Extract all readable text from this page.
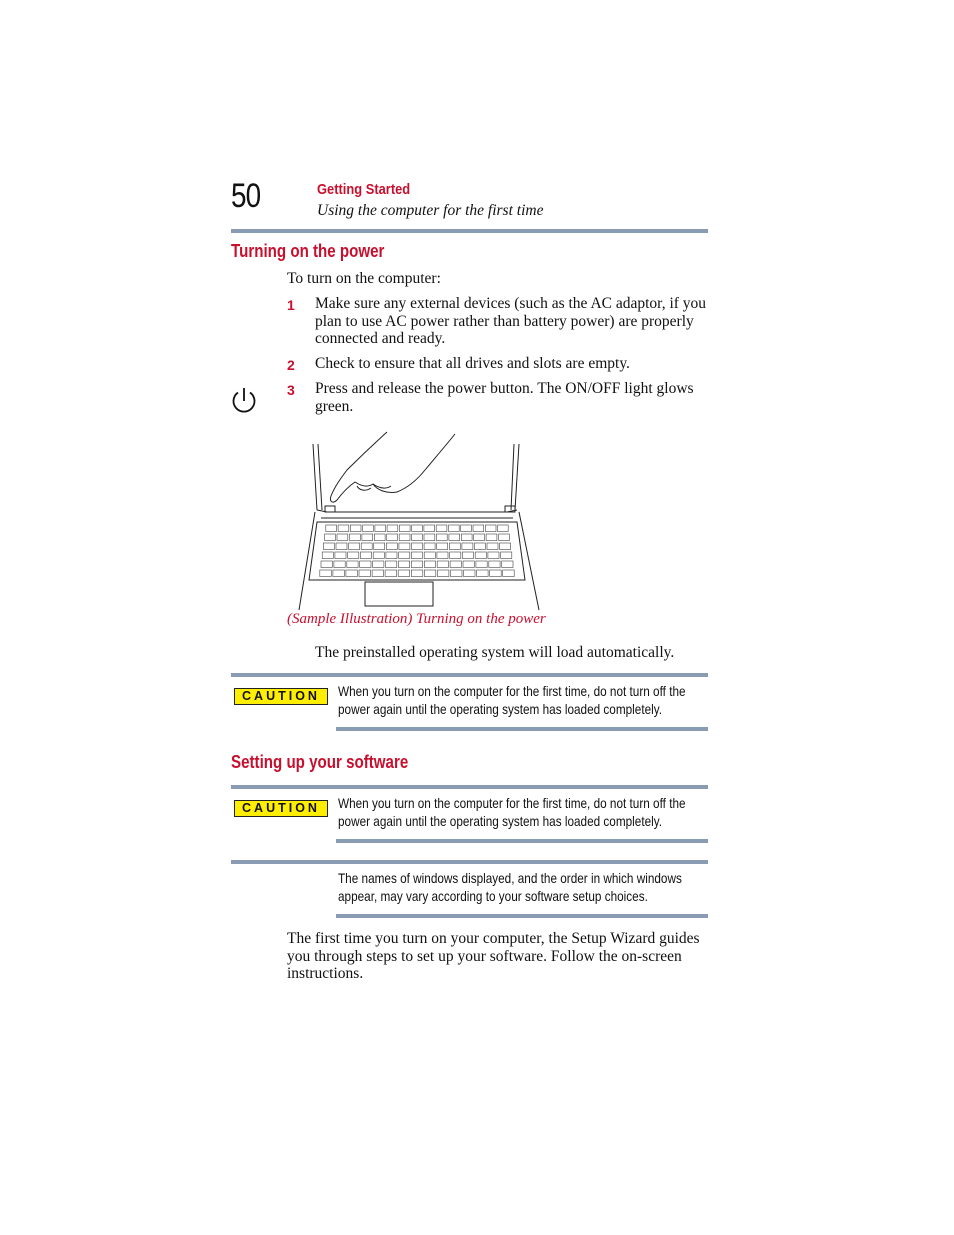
50	Getting Started
Using the computer for the first time
Turning on the power
To turn on the computer:
1 Make sure any external devices (such as the AC adaptor, if you
plan to use AC power rather than battery power) are properly
connected and ready.
2 Check to ensure that all drives and slots are empty.
3 Press and release the power button. The ON/OFF light glows
green.
(Sample Illustration) Turning on the power
The preinstalled operating system will load automatically.
CAUTION	When you turn on the computer for the first time, do not turn off the
power again until the operating system has loaded completely.
Setting up your software
CAUTION	When you turn on the computer for the first time, do not turn off the
power again until the operating system has loaded completely.
The names of windows displayed, and the order in which windows
appear, may vary according to your software setup choices.
The first time you turn on your computer, the Setup Wizard guides
you through steps to set up your software. Follow the on-screen
instructions.
